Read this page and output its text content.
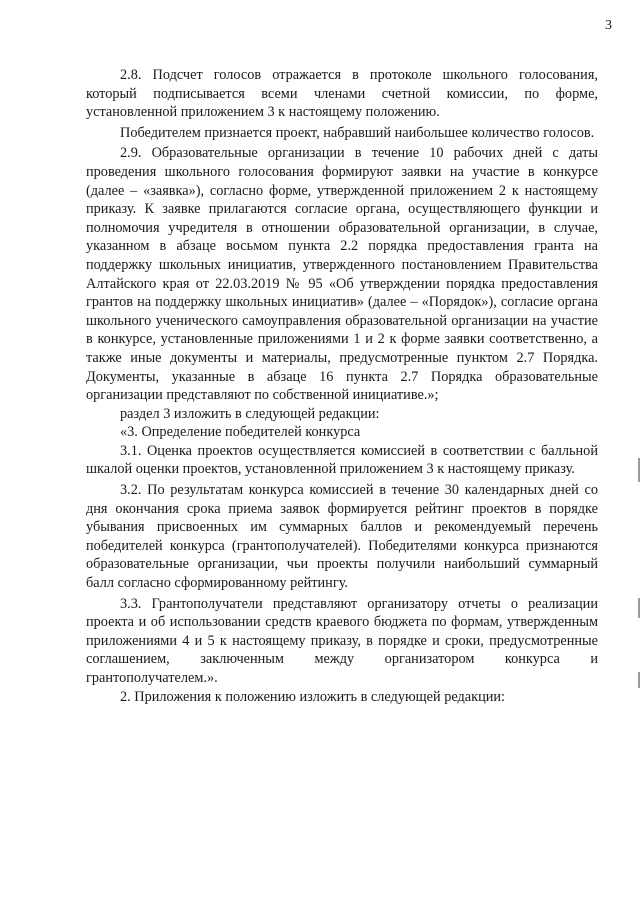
3

2.8. Подсчет голосов отражается в протоколе школьного голосования, который подписывается всеми членами счетной комиссии, по форме, установленной приложением 3 к настоящему положению.

Победителем признается проект, набравший наибольшее количество голосов.

2.9. Образовательные организации в течение 10 рабочих дней с даты проведения школьного голосования формируют заявки на участие в конкурсе (далее – «заявка»), согласно форме, утвержденной приложением 2 к настоящему приказу. К заявке прилагаются согласие органа, осуществляющего функции и полномочия учредителя в отношении образовательной организации, в случае, указанном в абзаце восьмом пункта 2.2 порядка предоставления гранта на поддержку школьных инициатив, утвержденного постановлением Правительства Алтайского края от 22.03.2019 № 95 «Об утверждении порядка предоставления грантов на поддержку школьных инициатив» (далее – «Порядок»), согласие органа школьного ученического самоуправления образовательной организации на участие в конкурсе, установленные приложениями 1 и 2 к форме заявки соответственно, а также иные документы и материалы, предусмотренные пунктом 2.7 Порядка. Документы, указанные в абзаце 16 пункта 2.7 Порядка образовательные организации представляют по собственной инициативе.»;

раздел 3 изложить в следующей редакции:

«3. Определение победителей конкурса

3.1. Оценка проектов осуществляется комиссией в соответствии с балльной шкалой оценки проектов, установленной приложением 3 к настоящему приказу.

3.2. По результатам конкурса комиссией в течение 30 календарных дней со дня окончания срока приема заявок формируется рейтинг проектов в порядке убывания присвоенных им суммарных баллов и рекомендуемый перечень победителей конкурса (грантополучателей). Победителями конкурса признаются образовательные организации, чьи проекты получили наибольший суммарный балл согласно сформированному рейтингу.

3.3. Грантополучатели представляют организатору отчеты о реализации проекта и об использовании средств краевого бюджета по формам, утвержденным приложениями 4 и 5 к настоящему приказу, в порядке и сроки, предусмотренные соглашением, заключенным между организатором конкурса и грантополучателем.».

2. Приложения к положению изложить в следующей редакции:
